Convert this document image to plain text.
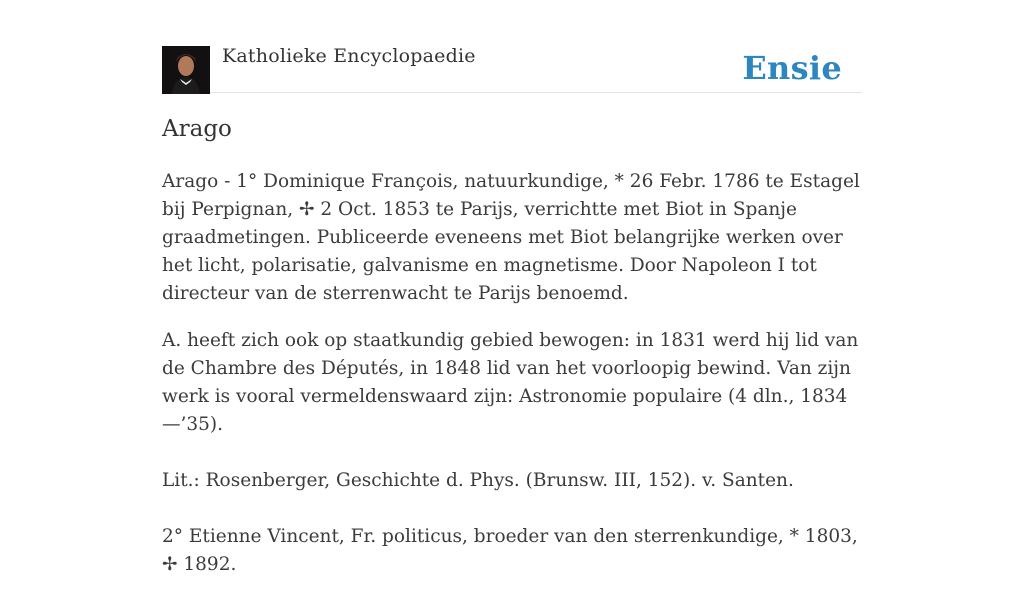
Katholieke Encyclopaedie	Ensie
Arago

Arago - 1° Dominique François, natuurkundige, * 26 Febr. 1786 te Estagel bij Perpignan, ✢ 2 Oct. 1853 te Parijs, verrichtte met Biot in Spanje graadmetingen. Publiceerde eveneens met Biot belangrijke werken over het licht, polarisatie, galvanisme en magnetisme. Door Napoleon I tot directeur van de sterrenwacht te Parijs benoemd.

A. heeft zich ook op staatkundig gebied bewogen: in 1831 werd hij lid van de Chambre des Députés, in 1848 lid van het voorloopig bewind. Van zijn werk is vooral vermeldenswaard zijn: Astronomie populaire (4 dln., 1834—’35).

Lit.: Rosenberger, Geschichte d. Phys. (Brunsw. III, 152). v. Santen.

2° Etienne Vincent, Fr. politicus, broeder van den sterrenkundige, * 1803, ✢ 1892.
